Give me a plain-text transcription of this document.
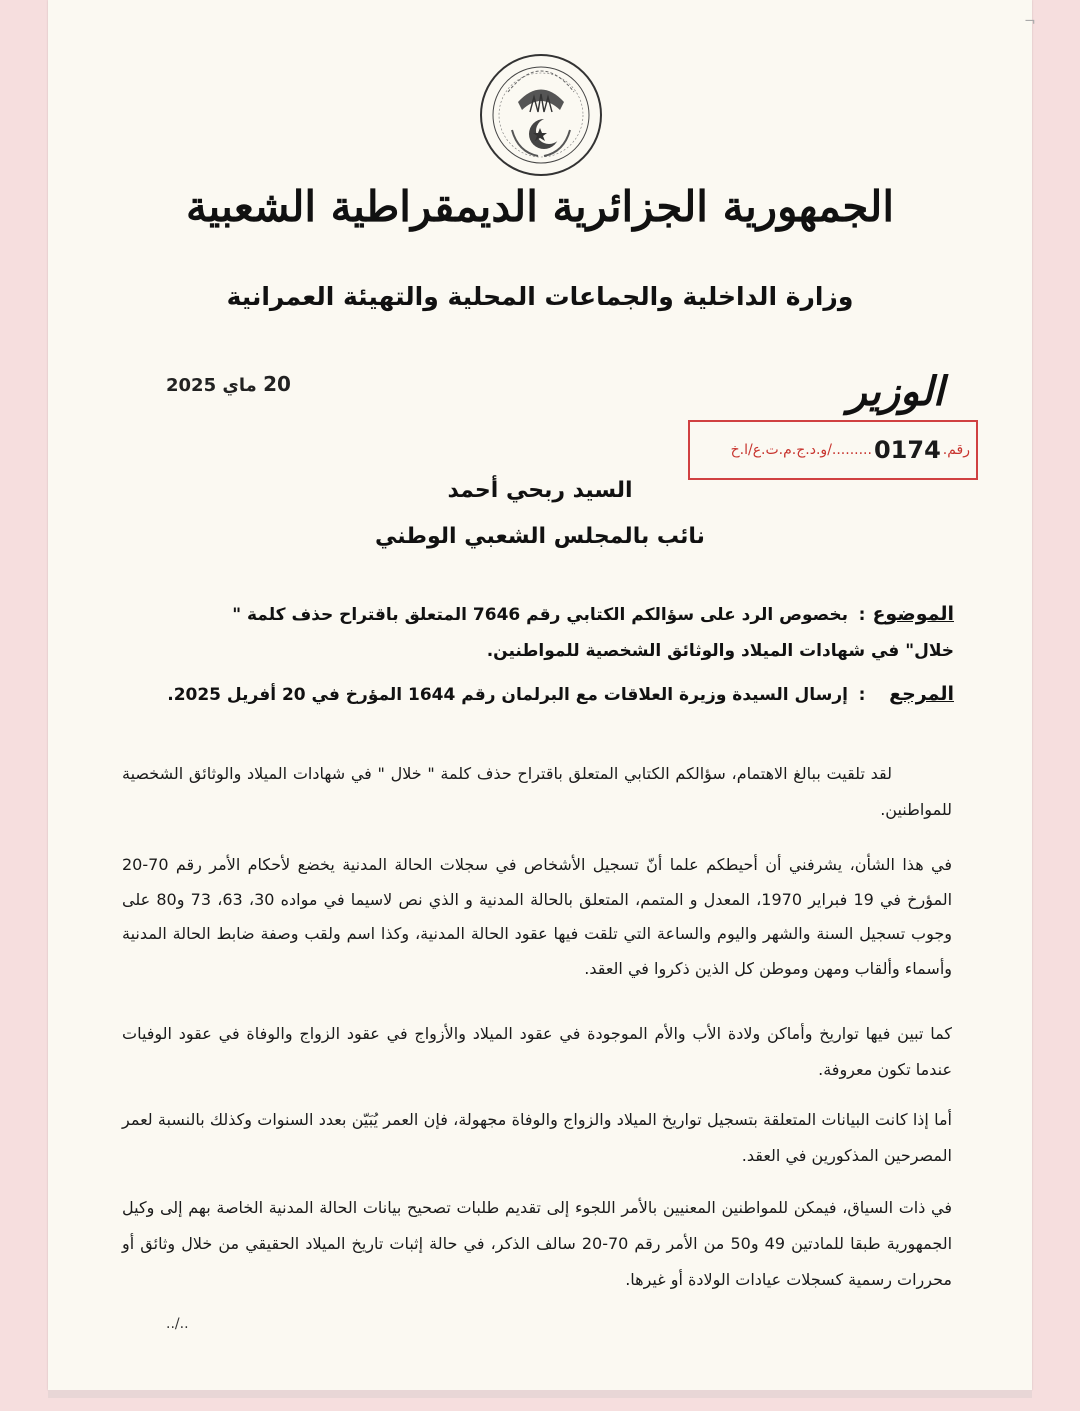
الجمهورية الجزائرية الديمقراطية الشعبية
وزارة الداخلية والجماعات المحلية والتهيئة العمرانية
20 ماي 2025	الوزير
رقم.
0174
........./و.د.ج.م.ت.ع/ا.خ
السيد ربحي أحمد
نائب بالمجلس الشعبي الوطني
الموضوع:بخصوص الرد على سؤالكم الكتابي رقم 7646 المتعلق باقتراح حذف كلمة "
خلال" في شهادات الميلاد والوثائق الشخصية للمواطنين.
المرجع:إرسال السيدة وزيرة العلاقات مع البرلمان رقم 1644 المؤرخ في 20 أفريل 2025.
لقد تلقيت ببالغ الاهتمام، سؤالكم الكتابي المتعلق باقتراح حذف كلمة " خلال " في شهادات الميلاد والوثائق الشخصية للمواطنين.
في هذا الشأن، يشرفني أن أحيطكم علما أنّ تسجيل الأشخاص في سجلات الحالة المدنية يخضع لأحكام الأمر رقم 70-20 المؤرخ في 19 فبراير 1970، المعدل و المتمم، المتعلق بالحالة المدنية و الذي نص لاسيما في مواده 30، 63، 73 و80 على وجوب تسجيل السنة والشهر واليوم والساعة التي تلقت فيها عقود الحالة المدنية، وكذا اسم ولقب وصفة ضابط الحالة المدنية وأسماء وألقاب ومهن وموطن كل الذين ذكروا في العقد.
كما تبين فيها تواريخ وأماكن ولادة الأب والأم الموجودة في عقود الميلاد والأزواج في عقود الزواج والوفاة في عقود الوفيات عندما تكون معروفة.
أما إذا كانت البيانات المتعلقة بتسجيل تواريخ الميلاد والزواج والوفاة مجهولة، فإن العمر يُبَيّن بعدد السنوات وكذلك بالنسبة لعمر المصرحين المذكورين في العقد.
في ذات السياق، فيمكن للمواطنين المعنيين بالأمر اللجوء إلى تقديم طلبات تصحيح بيانات الحالة المدنية الخاصة بهم إلى وكيل الجمهورية طبقا للمادتين 49 و50 من الأمر رقم 70-20 سالف الذكر، في حالة إثبات تاريخ الميلاد الحقيقي من خلال وثائق أو محررات رسمية كسجلات عيادات الولادة أو غيرها.
../..
¬
